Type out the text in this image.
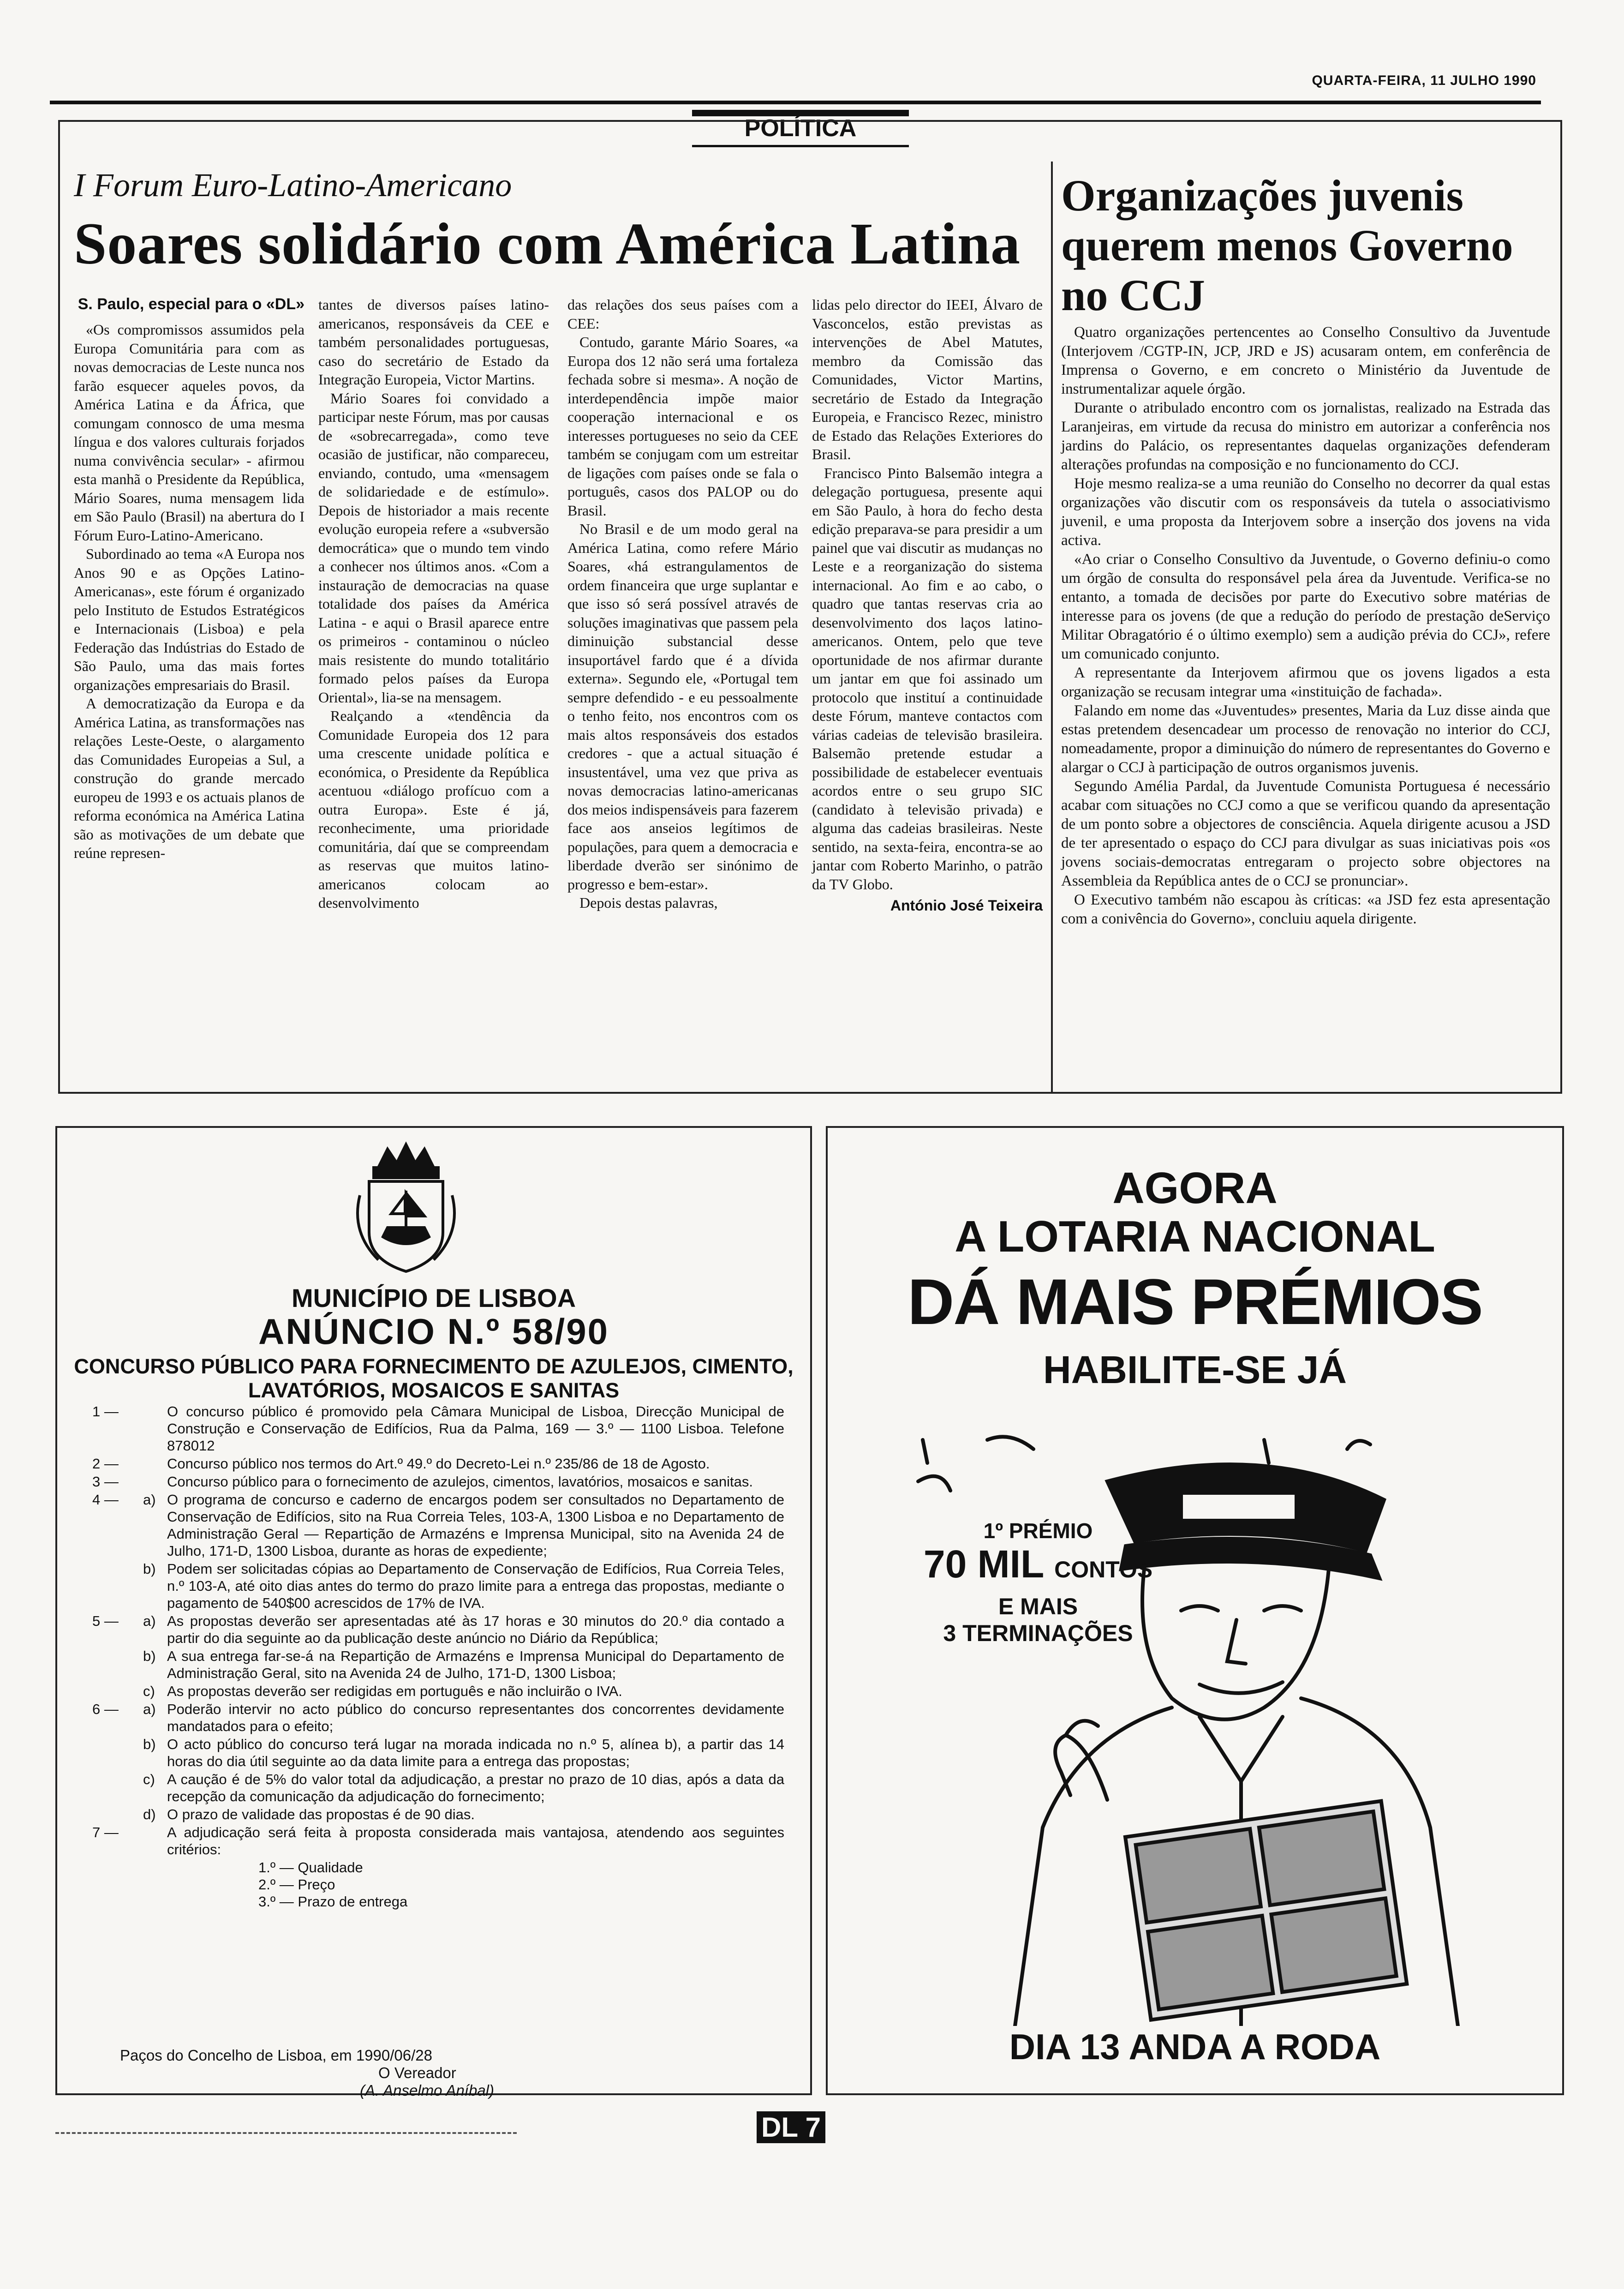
QUARTA-FEIRA, 11 JULHO 1990
POLÍTICA
I Forum Euro-Latino-Americano
Soares solidário com América Latina
S. Paulo, especial para o «DL»

«Os compromissos assumidos pela Europa Comunitária para com as novas democracias de Leste nunca nos farão esquecer aqueles povos, da América Latina e da África, que comungam connosco de uma mesma língua e dos valores culturais forjados numa convivência secular» - afirmou esta manhã o Presidente da República, Mário Soares, numa mensagem lida em São Paulo (Brasil) na abertura do I Fórum Euro-Latino-Americano.

Subordinado ao tema «A Europa nos Anos 90 e as Opções Latino-Americanas», este fórum é organizado pelo Instituto de Estudos Estratégicos e Internacionais (Lisboa) e pela Federação das Indústrias do Estado de São Paulo, uma das mais fortes organizações empresariais do Brasil.

A democratização da Europa e da América Latina, as transformações nas relações Leste-Oeste, o alargamento das Comunidades Europeias a Sul, a construção do grande mercado europeu de 1993 e os actuais planos de reforma económica na América Latina são as motivações de um debate que reúne represen-

tantes de diversos países latino-americanos, responsáveis da CEE e também personalidades portuguesas, caso do secretário de Estado da Integração Europeia, Victor Martins.

Mário Soares foi convidado a participar neste Fórum, mas por causas de «sobrecarregada», como teve ocasião de justificar, não compareceu, enviando, contudo, uma «mensagem de solidariedade e de estímulo». Depois de historiador a mais recente evolução europeia refere a «subversão democrática» que o mundo tem vindo a conhecer nos últimos anos. «Com a instauração de democracias na quase totalidade dos países da América Latina - e aqui o Brasil aparece entre os primeiros - contaminou o núcleo mais resistente do mundo totalitário formado pelos países da Europa Oriental», lia-se na mensagem.

Realçando a «tendência da Comunidade Europeia dos 12 para uma crescente unidade política e económica, o Presidente da República acentuou «diálogo profícuo com a outra Europa». Este é já, reconhecimente, uma prioridade comunitária, daí que se compreendam as reservas que muitos latino-americanos colocam ao desenvolvimento

das relações dos seus países com a CEE:

Contudo, garante Mário Soares, «a Europa dos 12 não será uma fortaleza fechada sobre si mesma». A noção de interdependência impõe maior cooperação internacional e os interesses portugueses no seio da CEE também se conjugam com um estreitar de ligações com países onde se fala o português, casos dos PALOP ou do Brasil.

No Brasil e de um modo geral na América Latina, como refere Mário Soares, «há estrangulamentos de ordem financeira que urge suplantar e que isso só será possível através de soluções imaginativas que passem pela diminuição substancial desse insuportável fardo que é a dívida externa». Segundo ele, «Portugal tem sempre defendido - e eu pessoalmente o tenho feito, nos encontros com os mais altos responsáveis dos estados credores - que a actual situação é insustentável, uma vez que priva as novas democracias latino-americanas dos meios indispensáveis para fazerem face aos anseios legítimos de populações, para quem a democracia e liberdade dverão ser sinónimo de progresso e bem-estar».

Depois destas palavras,

lidas pelo director do IEEI, Álvaro de Vasconcelos, estão previstas as intervenções de Abel Matutes, membro da Comissão das Comunidades, Victor Martins, secretário de Estado da Integração Europeia, e Francisco Rezec, ministro de Estado das Relações Exteriores do Brasil.

Francisco Pinto Balsemão integra a delegação portuguesa, presente aqui em São Paulo, à hora do fecho desta edição preparava-se para presidir a um painel que vai discutir as mudanças no Leste e a reorganização do sistema internacional. Ao fim e ao cabo, o quadro que tantas reservas cria ao desenvolvimento dos laços latino-americanos. Ontem, pelo que teve oportunidade de nos afirmar durante um jantar em que foi assinado um protocolo que instituí a continuidade deste Fórum, manteve contactos com várias cadeias de televisão brasileira. Balsemão pretende estudar a possibilidade de estabelecer eventuais acordos entre o seu grupo SIC (candidato à televisão privada) e alguma das cadeias brasileiras. Neste sentido, na sexta-feira, encontra-se ao jantar com Roberto Marinho, o patrão da TV Globo.

António José Teixeira

Organizações juvenis querem menos Governo no CCJ

Quatro organizações pertencentes ao Conselho Consultivo da Juventude (Interjovem /CGTP-IN, JCP, JRD e JS) acusaram ontem, em conferência de Imprensa o Governo, e em concreto o Ministério da Juventude de instrumentalizar aquele órgão.

Durante o atribulado encontro com os jornalistas, realizado na Estrada das Laranjeiras, em virtude da recusa do ministro em autorizar a conferência nos jardins do Palácio, os representantes daquelas organizações defenderam alterações profundas na composição e no funcionamento do CCJ.

Hoje mesmo realiza-se a uma reunião do Conselho no decorrer da qual estas organizações vão discutir com os responsáveis da tutela o associativismo juvenil, e uma proposta da Interjovem sobre a inserção dos jovens na vida activa.

«Ao criar o Conselho Consultivo da Juventude, o Governo definiu-o como um órgão de consulta do responsável pela área da Juventude. Verifica-se no entanto, a tomada de decisões por parte do Executivo sobre matérias de interesse para os jovens (de que a redução do período de prestação deServiço Militar Obragatório é o último exemplo) sem a audição prévia do CCJ», refere um comunicado conjunto.

A representante da Interjovem afirmou que os jovens ligados a esta organização se recusam integrar uma «instituição de fachada».

Falando em nome das «Juventudes» presentes, Maria da Luz disse ainda que estas pretendem desencadear um processo de renovação no interior do CCJ, nomeadamente, propor a diminuição do número de representantes do Governo e alargar o CCJ à participação de outros organismos juvenis.

Segundo Amélia Pardal, da Juventude Comunista Portuguesa é necessário acabar com situações no CCJ como a que se verificou quando da apresentação de um ponto sobre a objectores de consciência. Aquela dirigente acusou a JSD de ter apresentado o espaço do CCJ para divulgar as suas iniciativas pois «os jovens sociais-democratas entregaram o projecto sobre objectores na Assembleia da República antes de o CCJ se pronunciar».

O Executivo também não escapou às críticas: «a JSD fez esta apresentação com a conivência do Governo», concluiu aquela dirigente.

MUNICÍPIO DE LISBOA
ANÚNCIO N.º 58/90
CONCURSO PÚBLICO PARA FORNECIMENTO DE AZULEJOS, CIMENTO, LAVATÓRIOS, MOSAICOS E SANITAS
1 —	O concurso público é promovido pela Câmara Municipal de Lisboa, Direcção Municipal de Construção e Conservação de Edifícios, Rua da Palma, 169 — 3.º — 1100 Lisboa. Telefone 878012
2 —	Concurso público nos termos do Art.º 49.º do Decreto-Lei n.º 235/86 de 18 de Agosto.
3 —	Concurso público para o fornecimento de azulejos, cimentos, lavatórios, mosaicos e sanitas.
4 —	a) O programa de concurso e caderno de encargos podem ser consultados no Departamento de Conservação de Edifícios, sito na Rua Correia Teles, 103-A, 1300 Lisboa e no Departamento de Administração Geral — Repartição de Armazéns e Imprensa Municipal, sito na Avenida 24 de Julho, 171-D, 1300 Lisboa, durante as horas de expediente;
b) Podem ser solicitadas cópias ao Departamento de Conservação de Edifícios, Rua Correia Teles, n.º 103-A, até oito dias antes do termo do prazo limite para a entrega das propostas, mediante o pagamento de 540$00 acrescidos de 17% de IVA.
5 —	a) As propostas deverão ser apresentadas até às 17 horas e 30 minutos do 20.º dia contado a partir do dia seguinte ao da publicação deste anúncio no Diário da República;
b) A sua entrega far-se-á na Repartição de Armazéns e Imprensa Municipal do Departamento de Administração Geral, sito na Avenida 24 de Julho, 171-D, 1300 Lisboa;
c) As propostas deverão ser redigidas em português e não incluirão o IVA.
6 —	a) Poderão intervir no acto público do concurso representantes dos concorrentes devidamente mandatados para o efeito;
b) O acto público do concurso terá lugar na morada indicada no n.º 5, alínea b), a partir das 14 horas do dia útil seguinte ao da data limite para a entrega das propostas;
c) A caução é de 5% do valor total da adjudicação, a prestar no prazo de 10 dias, após a data da recepção da comunicação da adjudicação do fornecimento;
d) O prazo de validade das propostas é de 90 dias.
7 —	A adjudicação será feita à proposta considerada mais vantajosa, atendendo aos seguintes critérios:
1.º — Qualidade
2.º — Preço
3.º — Prazo de entrega
Paços do Concelho de Lisboa, em 1990/06/28
O Vereador
(A. Anselmo Aníbal)
AGORA
A LOTARIA NACIONAL
DÁ MAIS PRÉMIOS
HABILITE-SE JÁ
1º PRÉMIO
70 MIL CONTOS
E MAIS
3 TERMINAÇÕES
DIA 13 ANDA A RODA
DL 7
